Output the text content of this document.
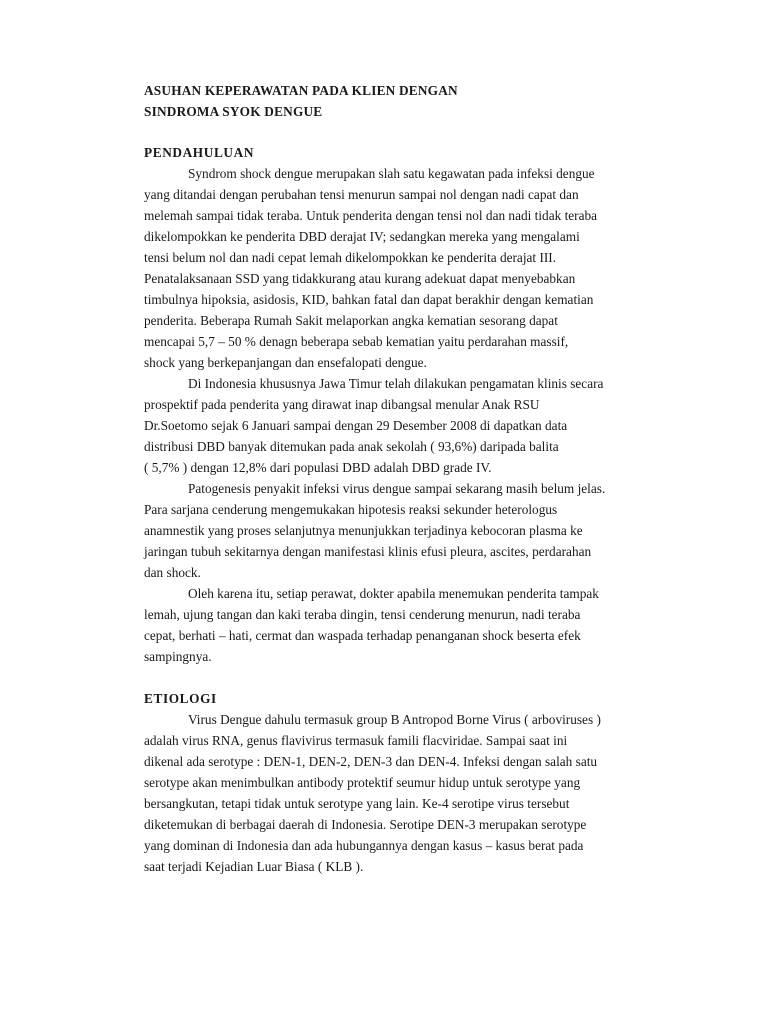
ASUHAN KEPERAWATAN PADA KLIEN DENGAN

SINDROMA SYOK DENGUE

PENDAHULUAN

Syndrom shock dengue merupakan slah satu kegawatan pada infeksi dengue
yang ditandai dengan perubahan tensi menurun sampai nol dengan nadi capat dan
melemah sampai tidak teraba. Untuk penderita dengan tensi nol dan nadi tidak teraba
dikelompokkan ke penderita DBD derajat IV; sedangkan mereka yang mengalami
tensi belum nol dan nadi cepat lemah dikelompokkan ke penderita derajat III.
Penatalaksanaan SSD yang tidakkurang atau kurang adekuat dapat menyebabkan
timbulnya hipoksia, asidosis, KID, bahkan fatal dan dapat berakhir dengan kematian
penderita. Beberapa Rumah Sakit melaporkan angka kematian sesorang dapat
mencapai 5,7 – 50 % denagn beberapa sebab kematian yaitu perdarahan massif,
shock yang berkepanjangan dan ensefalopati dengue.

Di Indonesia khususnya Jawa Timur telah dilakukan pengamatan klinis secara
prospektif pada penderita yang dirawat inap dibangsal menular Anak RSU
Dr.Soetomo sejak 6 Januari sampai dengan 29 Desember 2008 di dapatkan data
distribusi DBD banyak ditemukan pada anak sekolah ( 93,6%) daripada balita
( 5,7% ) dengan 12,8% dari populasi DBD adalah DBD grade IV.

Patogenesis penyakit infeksi virus dengue sampai sekarang masih belum jelas.
Para sarjana cenderung mengemukakan hipotesis reaksi sekunder heterologus
anamnestik yang proses selanjutnya menunjukkan terjadinya kebocoran plasma ke
jaringan tubuh sekitarnya dengan manifestasi klinis efusi pleura, ascites, perdarahan
dan shock.

Oleh karena itu, setiap perawat, dokter apabila menemukan penderita tampak
lemah, ujung tangan dan kaki teraba dingin, tensi cenderung menurun, nadi teraba
cepat, berhati – hati, cermat dan waspada terhadap penanganan shock beserta efek
sampingnya.

ETIOLOGI

Virus Dengue dahulu termasuk group B Antropod Borne Virus ( arboviruses )
adalah virus RNA, genus flavivirus termasuk famili flacviridae. Sampai saat ini
dikenal ada serotype : DEN-1, DEN-2, DEN-3 dan DEN-4. Infeksi dengan salah satu
serotype akan menimbulkan antibody protektif seumur hidup untuk serotype yang
bersangkutan, tetapi tidak untuk serotype yang lain. Ke-4 serotipe virus tersebut
diketemukan di berbagai daerah di Indonesia. Serotipe DEN-3 merupakan serotype
yang dominan di Indonesia dan ada hubungannya dengan kasus – kasus berat pada
saat terjadi Kejadian Luar Biasa ( KLB ).
